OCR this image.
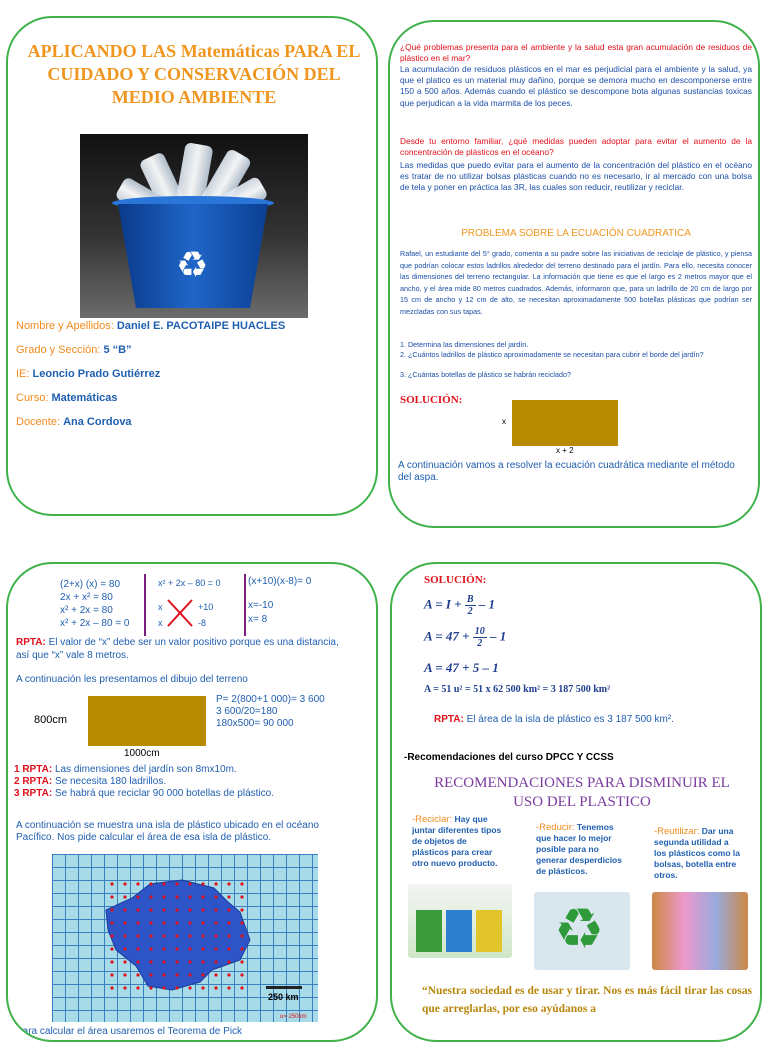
APLICANDO LAS Matemáticas PARA EL CUIDADO Y CONSERVACIÓN DEL MEDIO AMBIENTE
♻
Nombre y Apellidos: Daniel E. PACOTAIPE HUACLES
Grado y Sección: 5 “B”
IE: Leoncio Prado Gutiérrez
Curso: Matemáticas
Docente: Ana Cordova
¿Qué problemas presenta para el ambiente y la salud esta gran acumulación de residuos de plástico en el mar?
La acumulación de residuos plásticos en el mar es perjudicial para el ambiente y la salud, ya que el platico es un material muy dañino, porque se demora mucho en descomponerse entre 150 a 500 años. Además cuando el plástico se descompone bota algunas sustancias toxicas que perjudican a la vida marmita de los peces.
Desde tu entorno familiar, ¿qué medidas pueden adoptar para evitar el aumento de la concentración de plásticos en el océano?
Las medidas que puedo evitar para el aumento de la concentración del plástico en el océano es tratar de no utilizar bolsas plásticas cuando no es necesario, ir al mercado con una bolsa de tela y poner en práctica las 3R, las cuales son reducir, reutilizar y reciclar.
PROBLEMA SOBRE LA ECUACIÓN CUADRATICA
Rafael, un estudiante del 5° grado, comenta a su padre sobre las iniciativas de reciclaje de plástico, y piensa que podrían colocar estos ladrillos alrededor del terreno destinado para el jardín. Para ello, necesita conocer las dimensiones del terreno rectangular. La información que tiene es que el largo es 2 metros mayor que el ancho, y el área mide 80 metros cuadrados. Además, informaron que, para un ladrillo de 20 cm de largo por 15 cm de ancho y 12 cm de alto, se necesitan aproximadamente 500 botellas plásticas que podrían ser mezcladas con sus tapas.
1. Determina las dimensiones del jardín.
2. ¿Cuántos ladrillos de plástico aproximadamente se necesitan para cubrir el borde del jardín?
3. ¿Cuántas botellas de plástico se habrán reciclado?
SOLUCIÓN:
x
x + 2
A continuación vamos a resolver la ecuación cuadrática mediante el método del aspa.
(2+x) (x) = 80
2x + x² = 80
x² + 2x = 80
x² + 2x – 80 = 0
x² + 2x – 80 = 0
x	+10
x	-8
(x+10)(x-8)= 0
x=-10
x= 8
RPTA: El valor de “x” debe ser un valor positivo porque es una distancia, así que “x” vale 8 metros.
A continuación les presentamos el dibujo del terreno
800cm
1000cm
P= 2(800+1 000)= 3 600
3 600/20=180
180x500= 90 000
1 RPTA: Las dimensiones del jardín son 8mx10m.
2 RPTA: Se necesita 180 ladrillos.
3 RPTA: Se habrá que reciclar 90 000 botellas de plástico.
A continuación se muestra una isla de plástico ubicado en el océano Pacífico. Nos pide calcular el área de esa isla de plástico.
250 km
u= 250km
Para calcular el área usaremos el Teorema de Pick
SOLUCIÓN:
$A = I + \frac{B}{2} - 1$
$A = 47 + \frac{10}{2} - 1$
A = 47 + 5 – 1
A = 51 u² = 51 x 62 500 km² = 3 187 500 km²
RPTA: El área de la isla de plástico es 3 187 500 km².
-Recomendaciones del curso DPCC Y CCSS
RECOMENDACIONES PARA DISMINUIR EL USO DEL PLASTICO
-Reciclar: Hay que juntar diferentes tipos de objetos de plásticos para crear otro nuevo producto.
-Reducir: Tenemos que hacer lo mejor posible para no generar desperdicios de plásticos.
-Reutilizar: Dar una segunda utilidad a los plásticos como la bolsas, botella entre otros.
♻
“Nuestra sociedad es de usar y tirar. Nos es más fácil tirar las cosas que arreglarlas, por eso ayúdanos a
